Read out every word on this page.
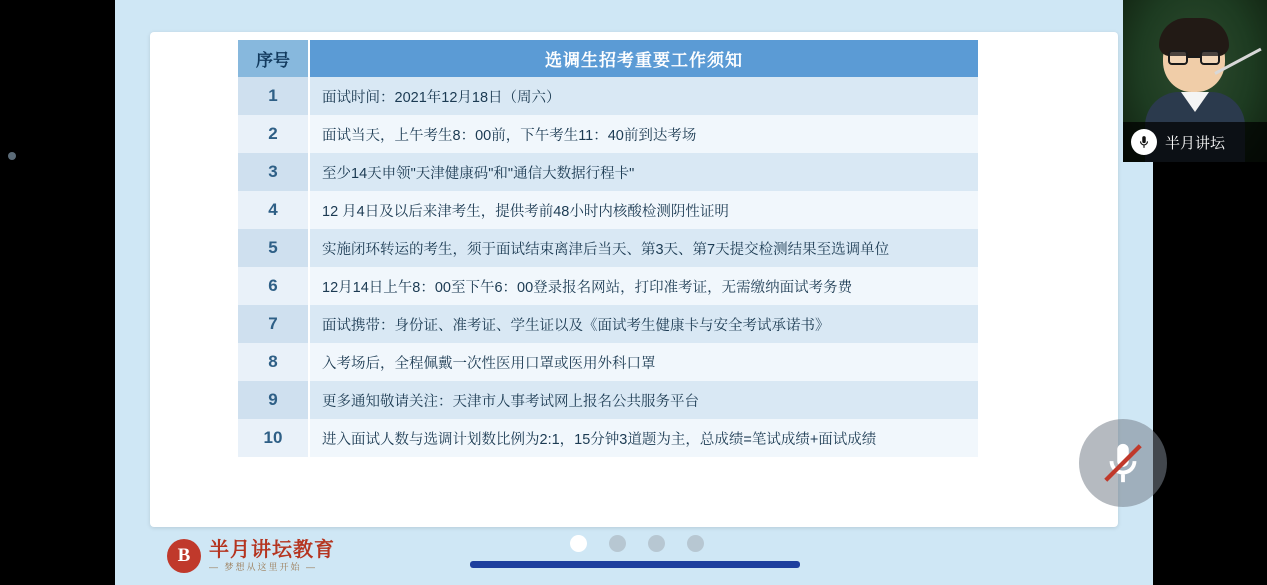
序号	选调生招考重要工作须知
1	面试时间：2021年12月18日（周六）
2	面试当天，上午考生8：00前，下午考生11：40前到达考场
3	至少14天申领"天津健康码"和"通信大数据行程卡"
4	12 月4日及以后来津考生，提供考前48小时内核酸检测阴性证明
5	实施闭环转运的考生，须于面试结束离津后当天、第3天、第7天提交检测结果至选调单位
6	12月14日上午8：00至下午6：00登录报名网站，打印准考证，无需缴纳面试考务费
7	面试携带：身份证、准考证、学生证以及《面试考生健康卡与安全考试承诺书》
8	入考场后，全程佩戴一次性医用口罩或医用外科口罩
9	更多通知敬请关注：天津市人事考试网上报名公共服务平台
10	进入面试人数与选调计划数比例为2:1，15分钟3道题为主，总成绩=笔试成绩+面试成绩
B 半月讲坛教育
— 梦想从这里开始 —
半月讲坛
